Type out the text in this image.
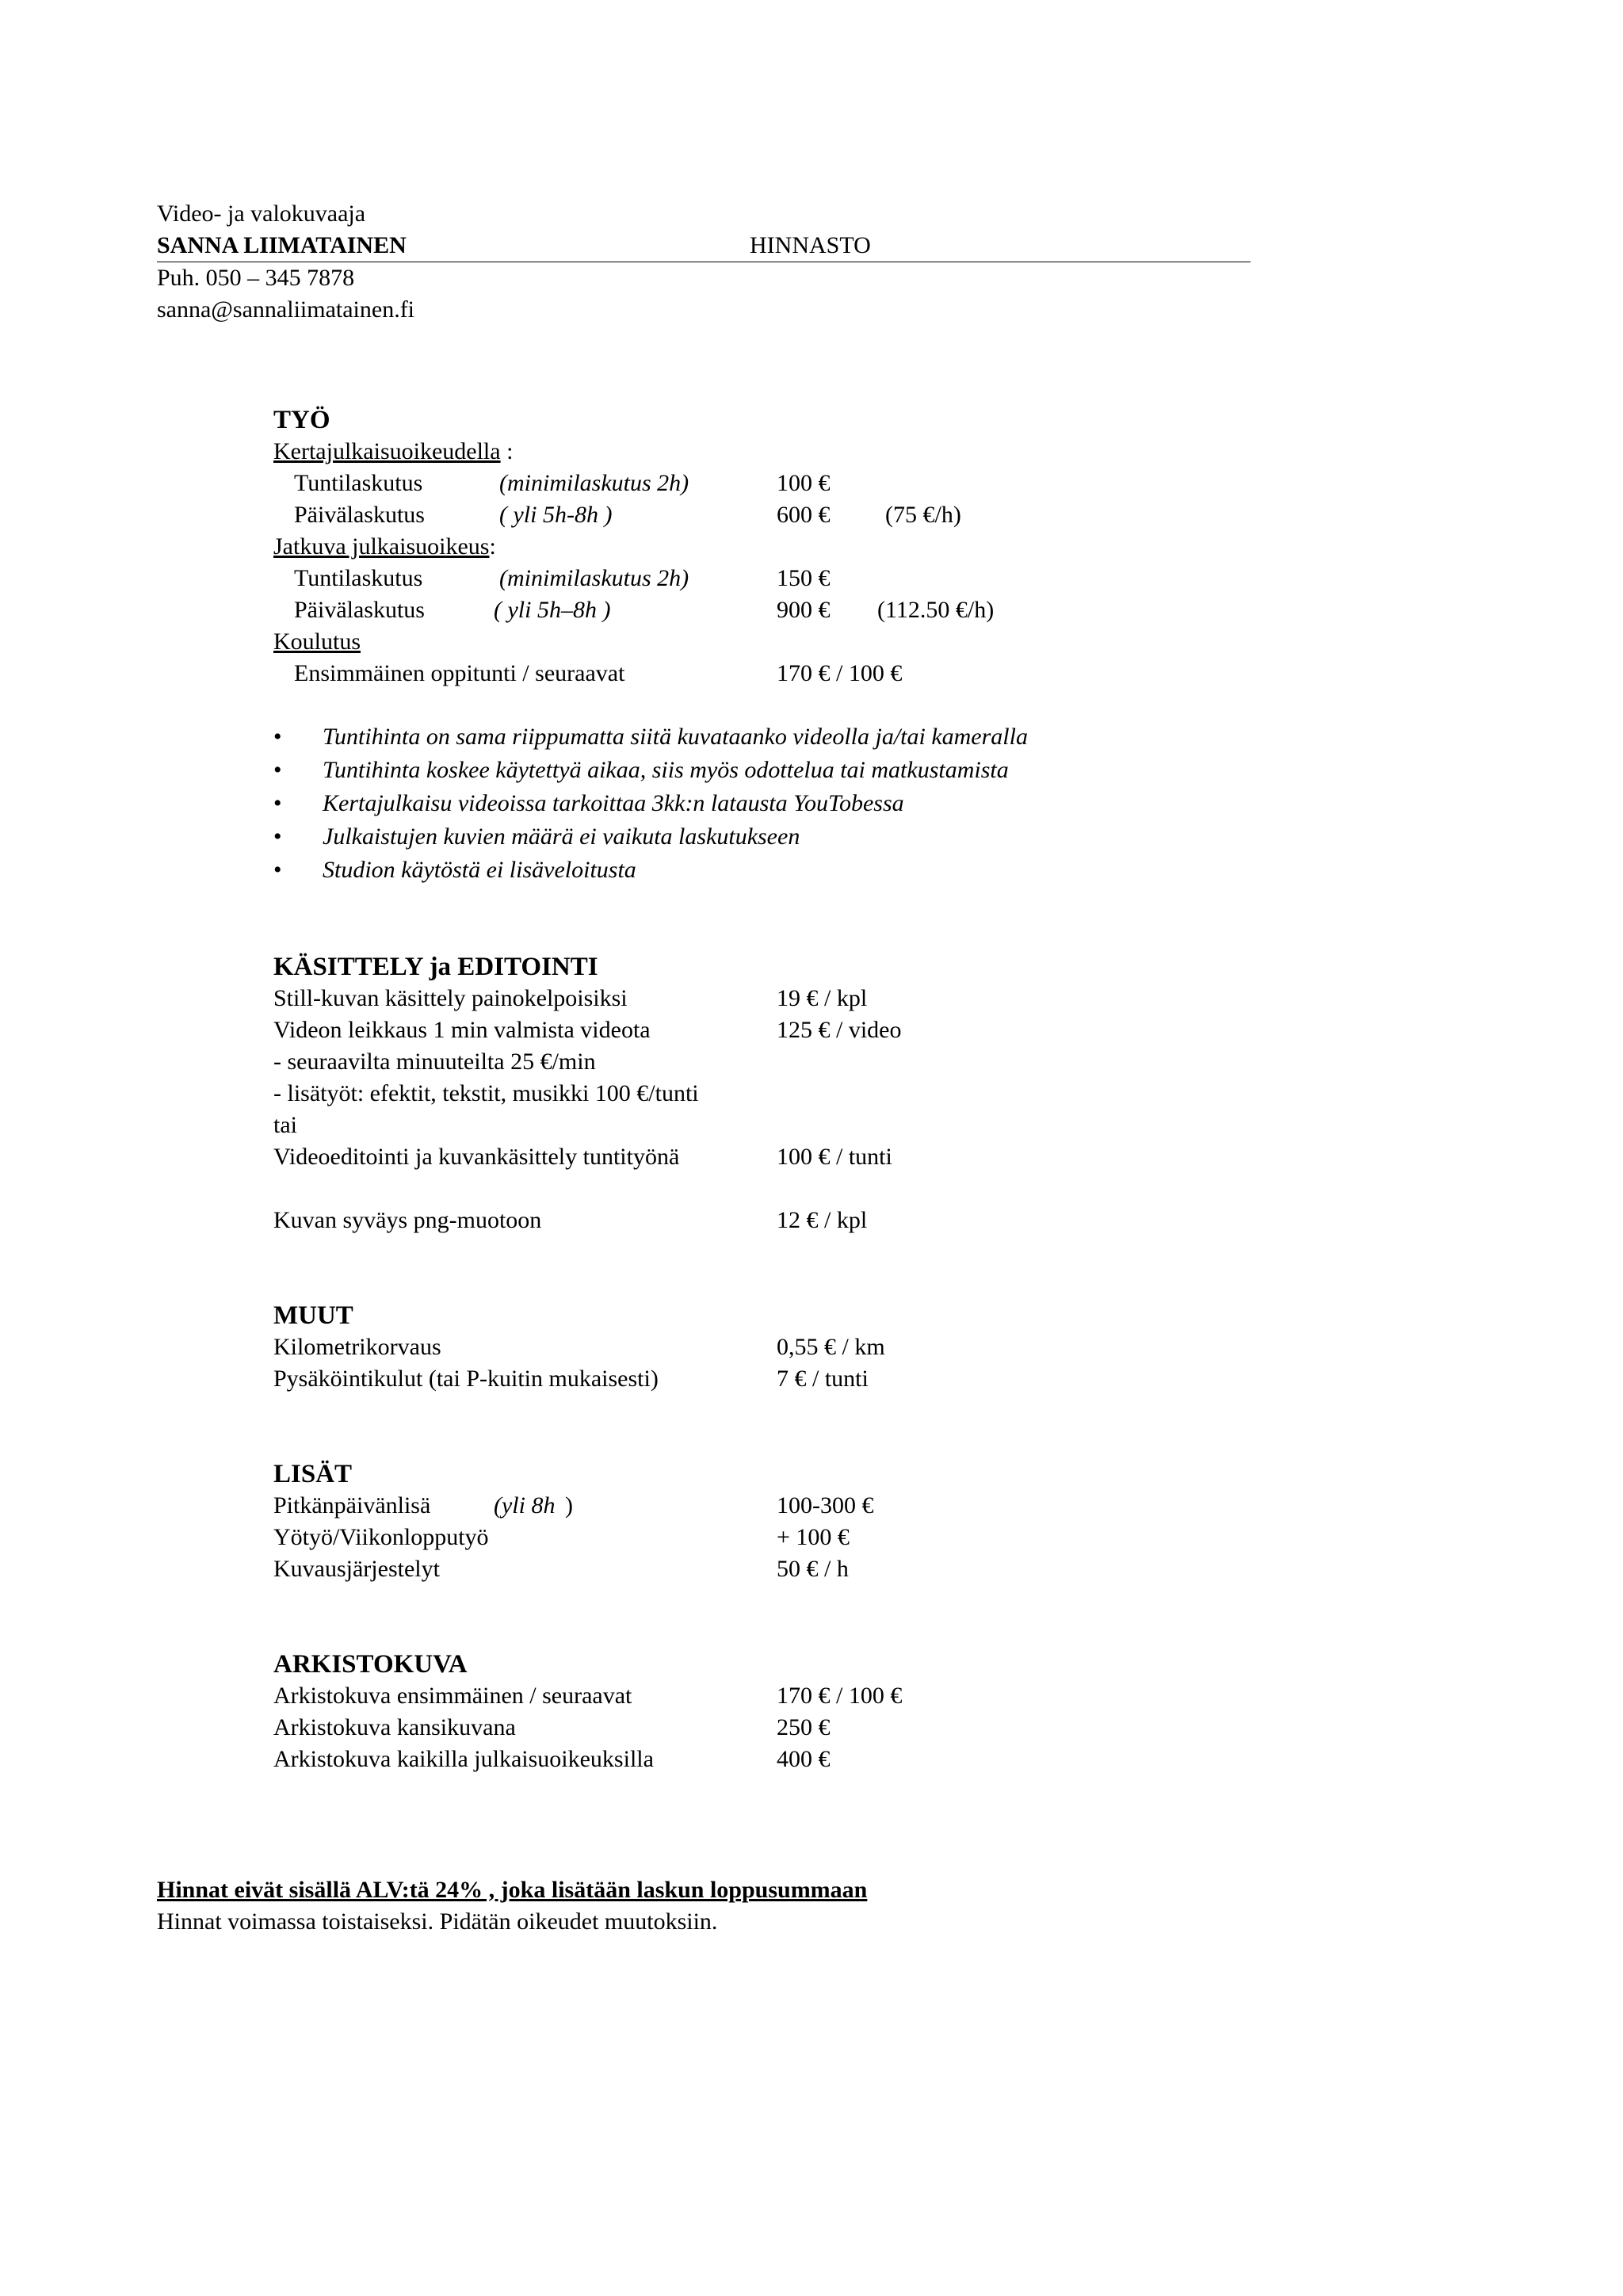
Video- ja valokuvaaja
SANNA LIIMATAINEN	HINNASTO
Puh. 050 – 345 7878
sanna@sannaliimatainen.fi
TYÖ
Kertajulkaisuoikeudella :
Tuntilaskutus	(minimilaskutus 2h)	100 €
Päivälaskutus	( yli 5h-8h )	600 € (75 €/h)
Jatkuva julkaisuoikeus:
Tuntilaskutus	(minimilaskutus 2h)	150 €
Päivälaskutus	( yli 5h–8h )	900 € (112.50 €/h)
Koulutus
Ensimmäinen oppitunti / seuraavat	170 € / 100 €
• Tuntihinta on sama riippumatta siitä kuvataanko videolla ja/tai kameralla
• Tuntihinta koskee käytettyä aikaa, siis myös odottelua tai matkustamista
• Kertajulkaisu videoissa tarkoittaa 3kk:n latausta YouTobessa
• Julkaistujen kuvien määrä ei vaikuta laskutukseen
• Studion käytöstä ei lisäveloitusta
KÄSITTELY ja EDITOINTI
Still-kuvan käsittely painokelpoisiksi	19 € / kpl
Videon leikkaus 1 min valmista videota	125 € / video
- seuraavilta minuuteilta 25 €/min
- lisätyöt: efektit, tekstit, musikki 100 €/tunti
tai
Videoeditointi ja kuvankäsittely tuntityönä	100 € / tunti
Kuvan syväys png-muotoon	12 € / kpl
MUUT
Kilometrikorvaus	0,55 € / km
Pysäköintikulut (tai P-kuitin mukaisesti)	7 € / tunti
LISÄT
Pitkänpäivänlisä	(yli 8h )	100-300 €
Yötyö/Viikonlopputyö	+ 100 €
Kuvausjärjestelyt	50 € / h
ARKISTOKUVA
Arkistokuva ensimmäinen / seuraavat	170 € / 100 €
Arkistokuva kansikuvana	250 €
Arkistokuva kaikilla julkaisuoikeuksilla	400 €
Hinnat eivät sisällä ALV:tä 24% , joka lisätään laskun loppusummaan
Hinnat voimassa toistaiseksi. Pidätän oikeudet muutoksiin.
